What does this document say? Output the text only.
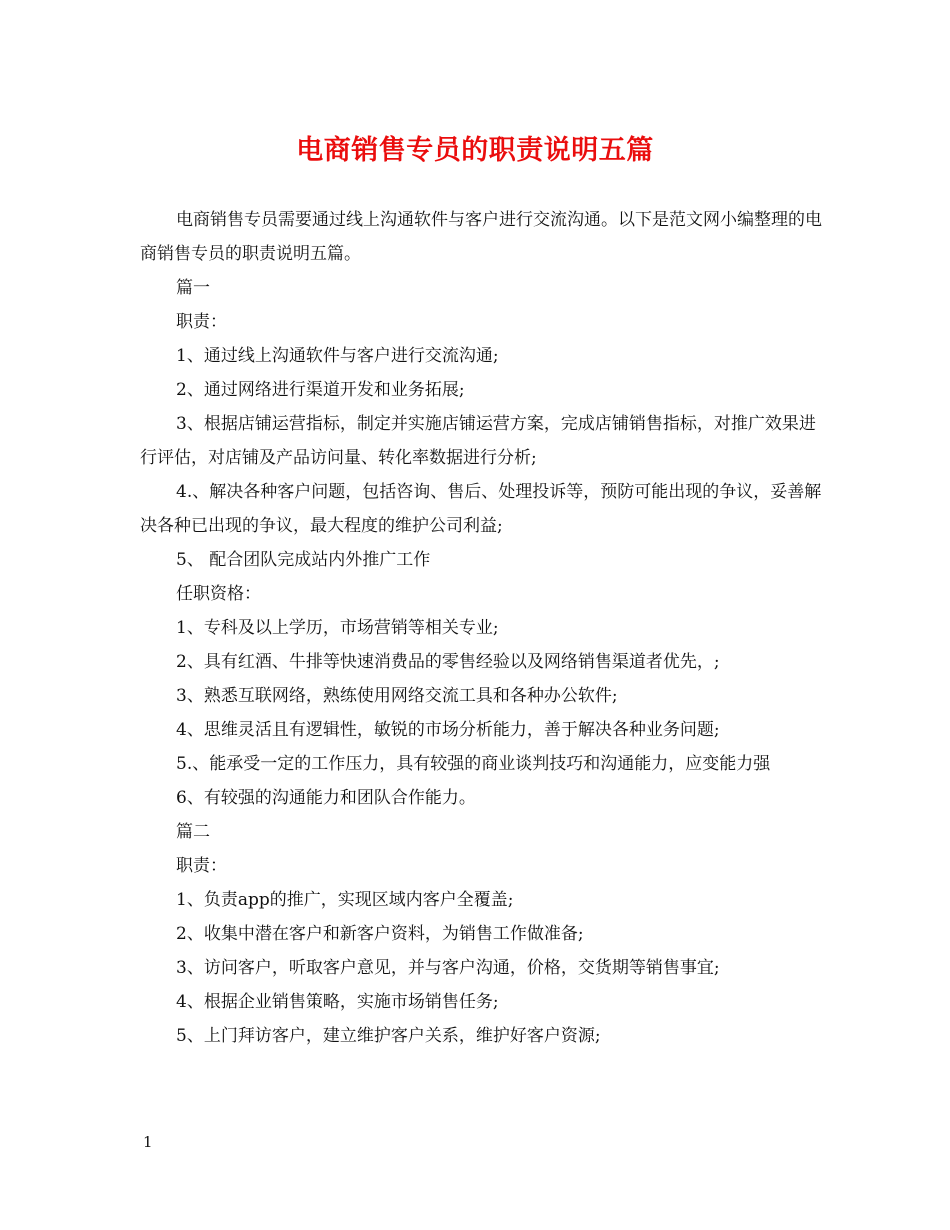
电商销售专员的职责说明五篇

电商销售专员需要通过线上沟通软件与客户进行交流沟通。以下是范文网小编整理的电商销售专员的职责说明五篇。

篇一

职责：

1、通过线上沟通软件与客户进行交流沟通;

2、通过网络进行渠道开发和业务拓展;

3、根据店铺运营指标，制定并实施店铺运营方案，完成店铺销售指标，对推广效果进行评估，对店铺及产品访问量、转化率数据进行分析;

4.、解决各种客户问题，包括咨询、售后、处理投诉等，预防可能出现的争议，妥善解决各种已出现的争议，最大程度的维护公司利益;

5、 配合团队完成站内外推广工作

任职资格：

1、专科及以上学历，市场营销等相关专业;

2、具有红酒、牛排等快速消费品的零售经验以及网络销售渠道者优先，;

3、熟悉互联网络，熟练使用网络交流工具和各种办公软件;

4、思维灵活且有逻辑性，敏锐的市场分析能力，善于解决各种业务问题;

5.、能承受一定的工作压力，具有较强的商业谈判技巧和沟通能力，应变能力强

6、有较强的沟通能力和团队合作能力。

篇二

职责：

1、负责app的推广，实现区域内客户全覆盖;

2、收集中潜在客户和新客户资料，为销售工作做准备;

3、访问客户，听取客户意见，并与客户沟通，价格，交货期等销售事宜;

4、根据企业销售策略，实施市场销售任务;

5、上门拜访客户，建立维护客户关系，维护好客户资源;

1
